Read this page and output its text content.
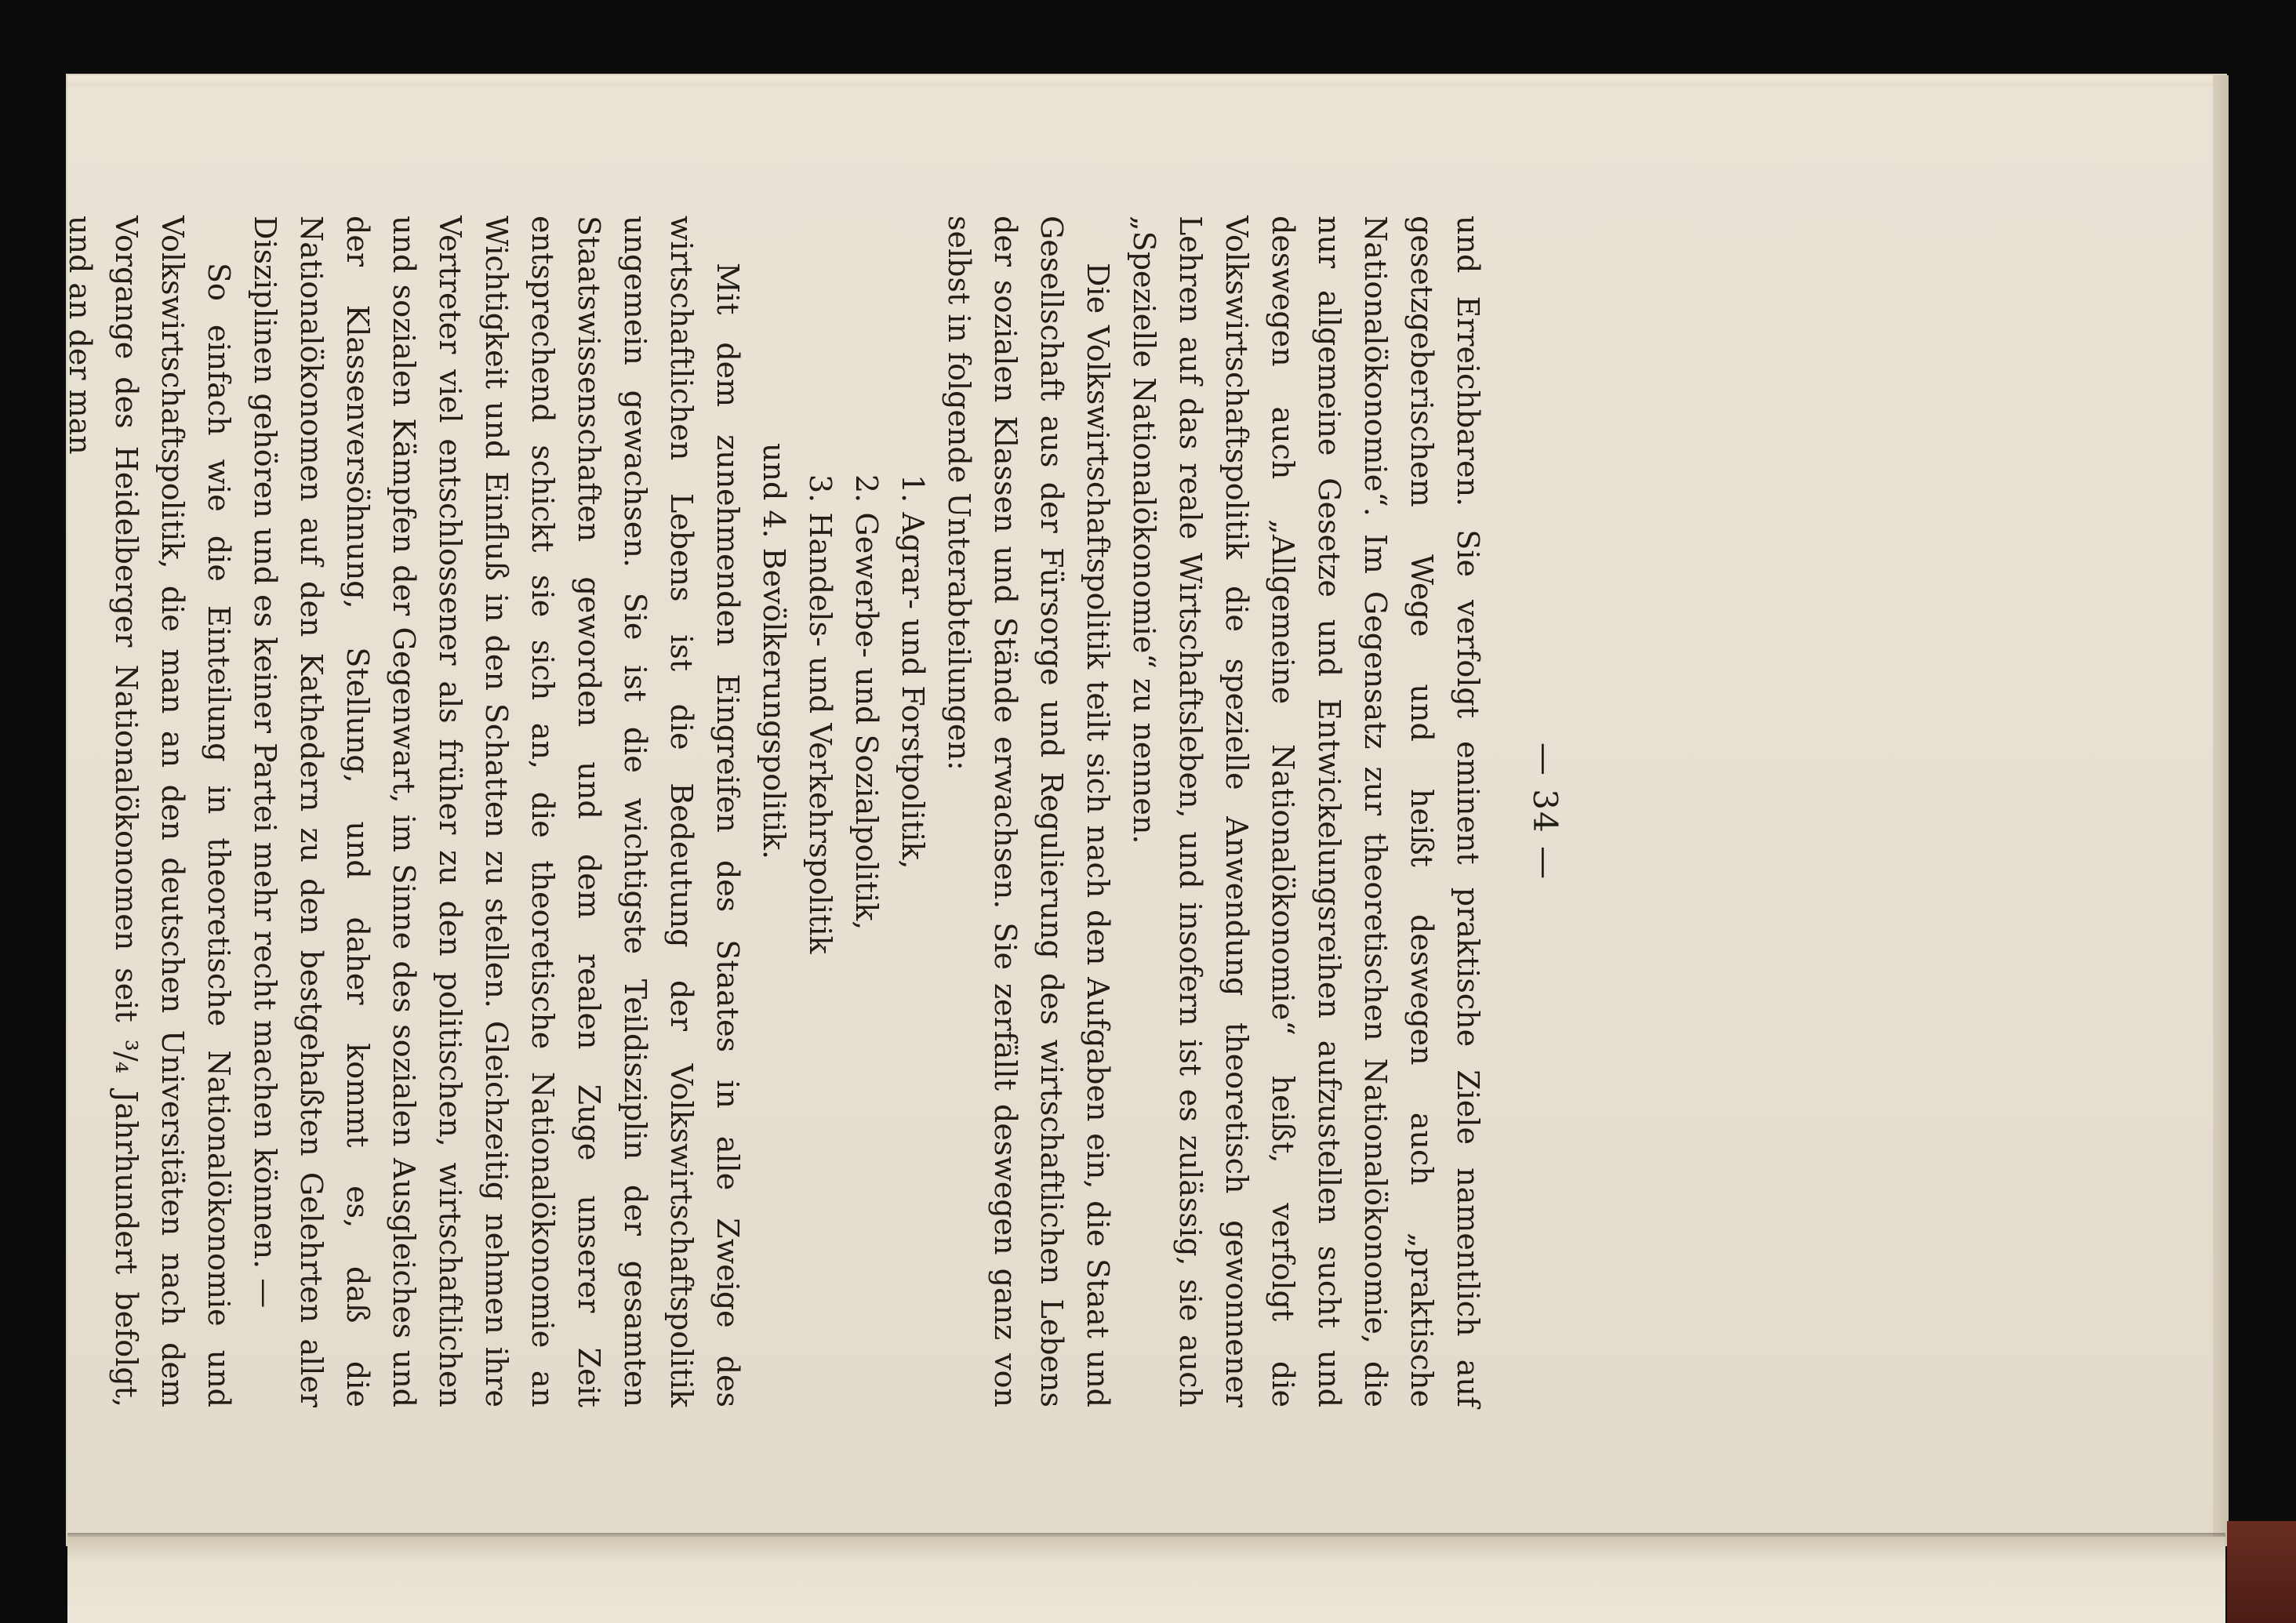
— 34 —

und Erreichbaren. Sie verfolgt eminent praktische Ziele namentlich auf gesetzgeberischem Wege und heißt deswegen auch „praktische Nationalökonomie“. Im Gegensatz zur theoretischen Nationalökonomie, die nur allgemeine Gesetze und Entwickelungsreihen aufzustellen sucht und deswegen auch „Allgemeine Nationalökonomie“ heißt, verfolgt die Volkswirtschaftspolitik die spezielle Anwendung theoretisch gewonnener Lehren auf das reale Wirtschaftsleben, und insofern ist es zulässig, sie auch „Spezielle Nationalökonomie“ zu nennen.

Die Volkswirtschaftspolitik teilt sich nach den Aufgaben ein, die Staat und Gesellschaft aus der Fürsorge und Regulierung des wirtschaftlichen Lebens der sozialen Klassen und Stände erwachsen. Sie zerfällt deswegen ganz von selbst in folgende Unterabteilungen:

1. Agrar- und Forstpolitik,
2. Gewerbe- und Sozialpolitik,
3. Handels- und Verkehrspolitik
und 4. Bevölkerungspolitik.

Mit dem zunehmenden Eingreifen des Staates in alle Zweige des wirtschaftlichen Lebens ist die Bedeutung der Volkswirtschaftspolitik ungemein gewachsen. Sie ist die wichtigste Teildisziplin der gesamten Staatswissenschaften geworden und dem realen Zuge unserer Zeit entsprechend schickt sie sich an, die theoretische Nationalökonomie an Wichtigkeit und Einfluß in den Schatten zu stellen. Gleichzeitig nehmen ihre Vertreter viel entschlossener als früher zu den politischen, wirtschaftlichen und sozialen Kämpfen der Gegenwart, im Sinne des sozialen Ausgleiches und der Klassenversöhnung, Stellung, und daher kommt es, daß die Nationalökonomen auf den Kathedern zu den bestgehaßten Gelehrten aller Disziplinen gehören und es keiner Partei mehr recht machen können. —

So einfach wie die Einteilung in theoretische Nationalökonomie und Volkswirtschaftspolitik, die man an den deutschen Universitäten nach dem Vorgange des Heidelberger Nationalökonomen seit ³/₄ Jahrhundert befolgt, und an der man
